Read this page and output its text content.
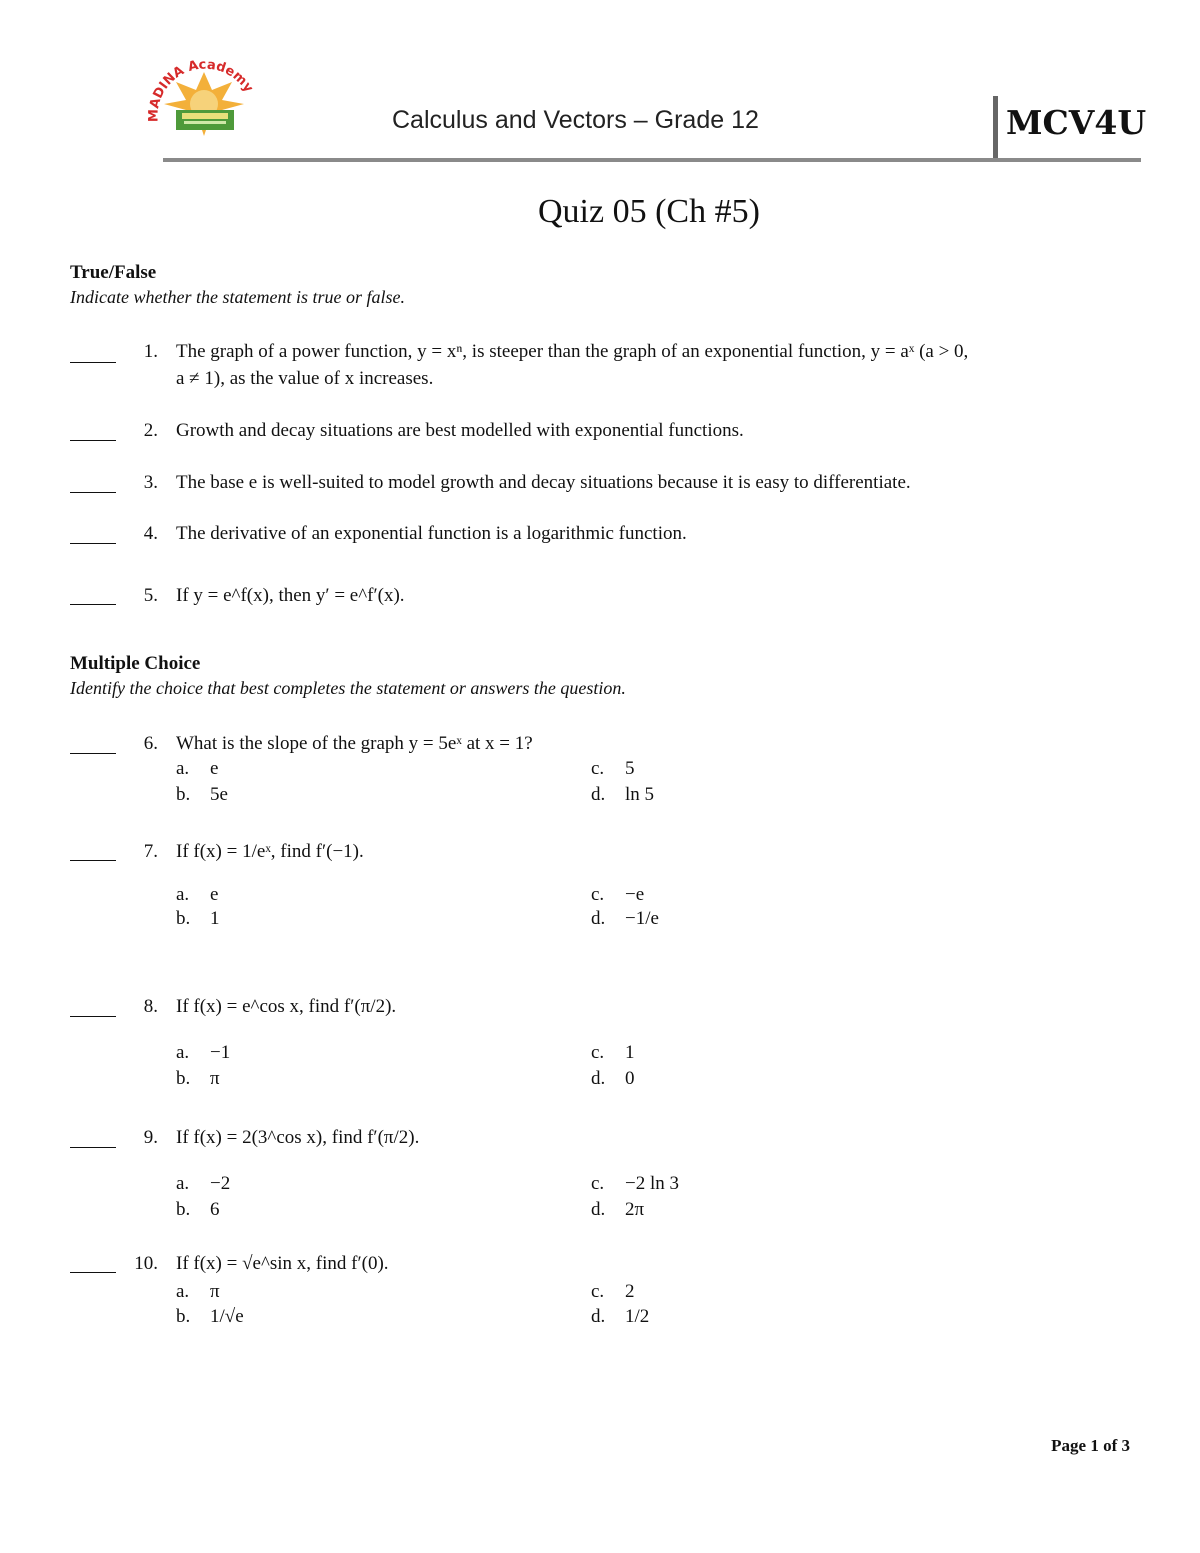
MADINA Academy
Calculus and Vectors – Grade 12	MCV4U
Quiz 05 (Ch #5)
True/False
Indicate whether the statement is true or false.
1. The graph of a power function, y = xⁿ, is steeper than the graph of an exponential function, y = aˣ (a > 0,
a ≠ 1), as the value of x increases.
2. Growth and decay situations are best modelled with exponential functions.
3. The base e is well-suited to model growth and decay situations because it is easy to differentiate.
4. The derivative of an exponential function is a logarithmic function.
5. If y = e^f(x), then y′ = e^f′(x).
Multiple Choice
Identify the choice that best completes the statement or answers the question.
6. What is the slope of the graph y = 5eˣ at x = 1?
a. e
b. 5e
c. 5
d. ln 5
7. If f(x) = 1/eˣ, find f′(−1).
a. e
b. 1
c. −e
d. −1/e
8. If f(x) = e^cos x, find f′(π/2).
a. −1
b. π
c. 1
d. 0
9. If f(x) = 2(3^cos x), find f′(π/2).
a. −2
b. 6
c. −2 ln 3
d. 2π
10. If f(x) = √e^sin x, find f′(0).
a. π
b. 1/√e
c. 2
d. 1/2
Page 1 of 3
